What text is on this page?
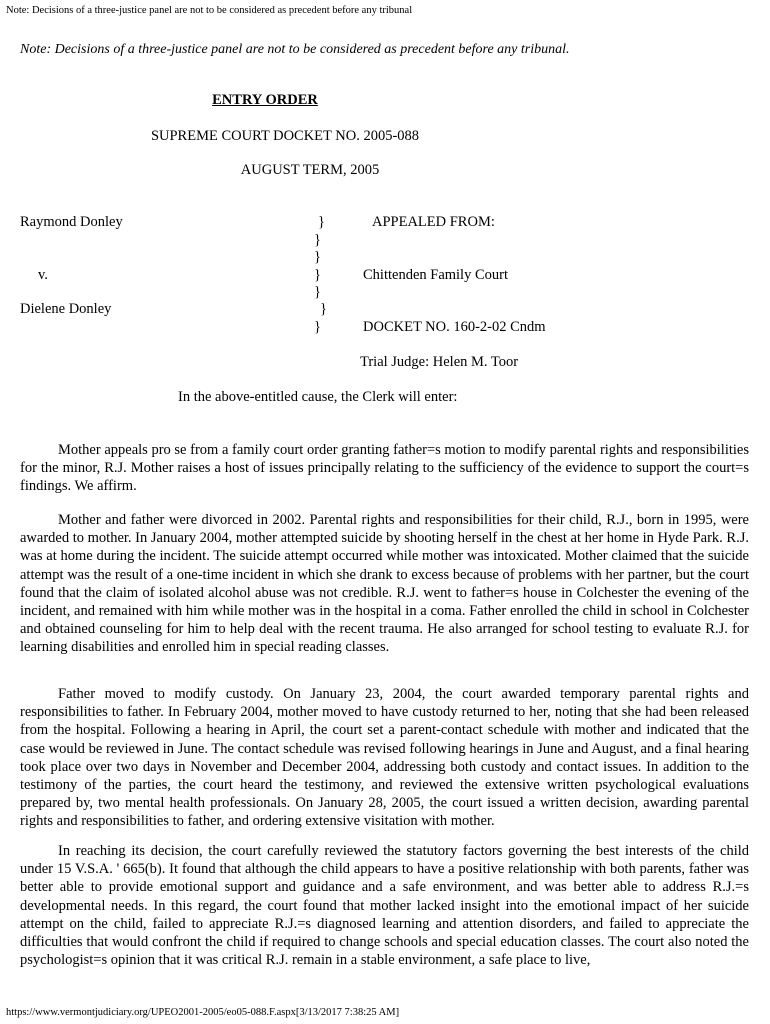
Note: Decisions of a three-justice panel are not to be considered as precedent before any tribunal
Note: Decisions of a three-justice panel are not to be considered as precedent before any tribunal.
ENTRY ORDER
SUPREME COURT DOCKET NO. 2005-088
AUGUST TERM, 2005
Raymond Donley
v.
Dielene Donley
}
}
}
}
}
}
}
APPEALED FROM:
Chittenden Family Court
DOCKET NO. 160-2-02 Cndm
Trial Judge: Helen M. Toor
In the above-entitled cause, the Clerk will enter:

Mother appeals pro se from a family court order granting father=s motion to modify parental rights and responsibilities for the minor, R.J. Mother raises a host of issues principally relating to the sufficiency of the evidence to support the court=s findings. We affirm.

Mother and father were divorced in 2002. Parental rights and responsibilities for their child, R.J., born in 1995, were awarded to mother. In January 2004, mother attempted suicide by shooting herself in the chest at her home in Hyde Park. R.J. was at home during the incident. The suicide attempt occurred while mother was intoxicated. Mother claimed that the suicide attempt was the result of a one-time incident in which she drank to excess because of problems with her partner, but the court found that the claim of isolated alcohol abuse was not credible. R.J. went to father=s house in Colchester the evening of the incident, and remained with him while mother was in the hospital in a coma. Father enrolled the child in school in Colchester and obtained counseling for him to help deal with the recent trauma. He also arranged for school testing to evaluate R.J. for learning disabilities and enrolled him in special reading classes.

Father moved to modify custody. On January 23, 2004, the court awarded temporary parental rights and responsibilities to father. In February 2004, mother moved to have custody returned to her, noting that she had been released from the hospital. Following a hearing in April, the court set a parent-contact schedule with mother and indicated that the case would be reviewed in June. The contact schedule was revised following hearings in June and August, and a final hearing took place over two days in November and December 2004, addressing both custody and contact issues. In addition to the testimony of the parties, the court heard the testimony, and reviewed the extensive written psychological evaluations prepared by, two mental health professionals. On January 28, 2005, the court issued a written decision, awarding parental rights and responsibilities to father, and ordering extensive visitation with mother.

In reaching its decision, the court carefully reviewed the statutory factors governing the best interests of the child under 15 V.S.A. ' 665(b). It found that although the child appears to have a positive relationship with both parents, father was better able to provide emotional support and guidance and a safe environment, and was better able to address R.J.=s developmental needs. In this regard, the court found that mother lacked insight into the emotional impact of her suicide attempt on the child, failed to appreciate R.J.=s diagnosed learning and attention disorders, and failed to appreciate the difficulties that would confront the child if required to change schools and special education classes. The court also noted the psychologist=s opinion that it was critical R.J. remain in a stable environment, a safe place to live,

https://www.vermontjudiciary.org/UPEO2001-2005/eo05-088.F.aspx[3/13/2017 7:38:25 AM]
